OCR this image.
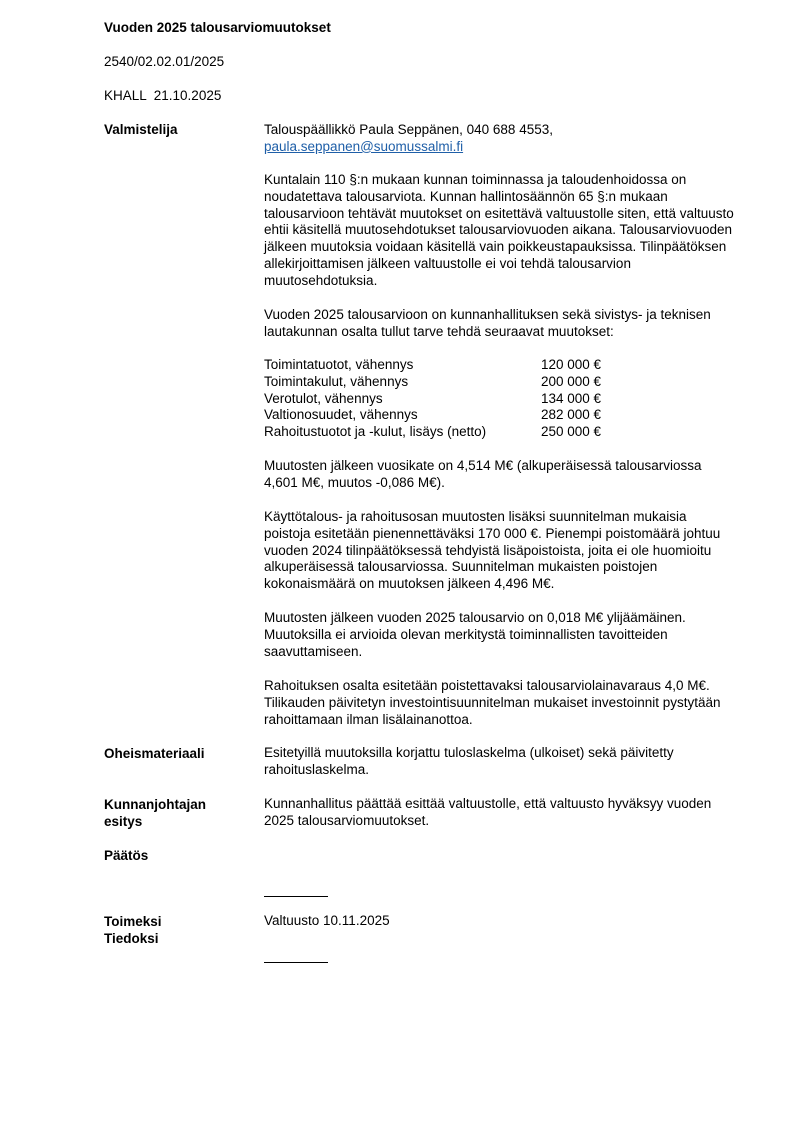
Vuoden 2025 talousarviomuutokset
2540/02.02.01/2025
KHALL  21.10.2025
Valmistelija	Talouspäällikkö Paula Seppänen, 040 688 4553,

paula.seppanen@suomussalmi.fi

Kuntalain 110 §:n mukaan kunnan toiminnassa ja taloudenhoidossa on noudatettava talousarviota. Kunnan hallintosäännön 65 §:n mukaan talousarvioon tehtävät muutokset on esitettävä valtuustolle siten, että valtuusto ehtii käsitellä muutosehdotukset talousarviovuoden aikana. Talousarviovuoden jälkeen muutoksia voidaan käsitellä vain poikkeustapauksissa. Tilinpäätöksen allekirjoittamisen jälkeen valtuustolle ei voi tehdä talousarvion muutosehdotuksia.
Vuoden 2025 talousarvioon on kunnanhallituksen sekä sivistys- ja teknisen lautakunnan osalta tullut tarve tehdä seuraavat muutokset:
Toimintatuotot, vähennys	120 000 €
Toimintakulut, vähennys	200 000 €
Verotulot, vähennys	134 000 €
Valtionosuudet, vähennys	282 000 €
Rahoitustuotot ja -kulut, lisäys (netto)	250 000 €
Muutosten jälkeen vuosikate on 4,514 M€ (alkuperäisessä talousarviossa 4,601 M€, muutos -0,086 M€).
Käyttötalous- ja rahoitusosan muutosten lisäksi suunnitelman mukaisia poistoja esitetään pienennettäväksi 170 000 €. Pienempi poistomäärä johtuu vuoden 2024 tilinpäätöksessä tehdyistä lisäpoistoista, joita ei ole huomioitu alkuperäisessä talousarviossa. Suunnitelman mukaisten poistojen kokonaismäärä on muutoksen jälkeen 4,496 M€.
Muutosten jälkeen vuoden 2025 talousarvio on 0,018 M€ ylijäämäinen. Muutoksilla ei arvioida olevan merkitystä toiminnallisten tavoitteiden saavuttamiseen.
Rahoituksen osalta esitetään poistettavaksi talousarviolainavaraus 4,0 M€. Tilikauden päivitetyn investointisuunnitelman mukaiset investoinnit pystytään rahoittamaan ilman lisälainanottoa.
Oheismateriaali	Esitetyillä muutoksilla korjattu tuloslaskelma (ulkoiset) sekä päivitetty rahoituslaskelma.
Kunnanjohtajan
esitys
Kunnanhallitus päättää esittää valtuustolle, että valtuusto hyväksyy vuoden 2025 talousarviomuutokset.
Päätös
Toimeksi
Tiedoksi
Valtuusto 10.11.2025
